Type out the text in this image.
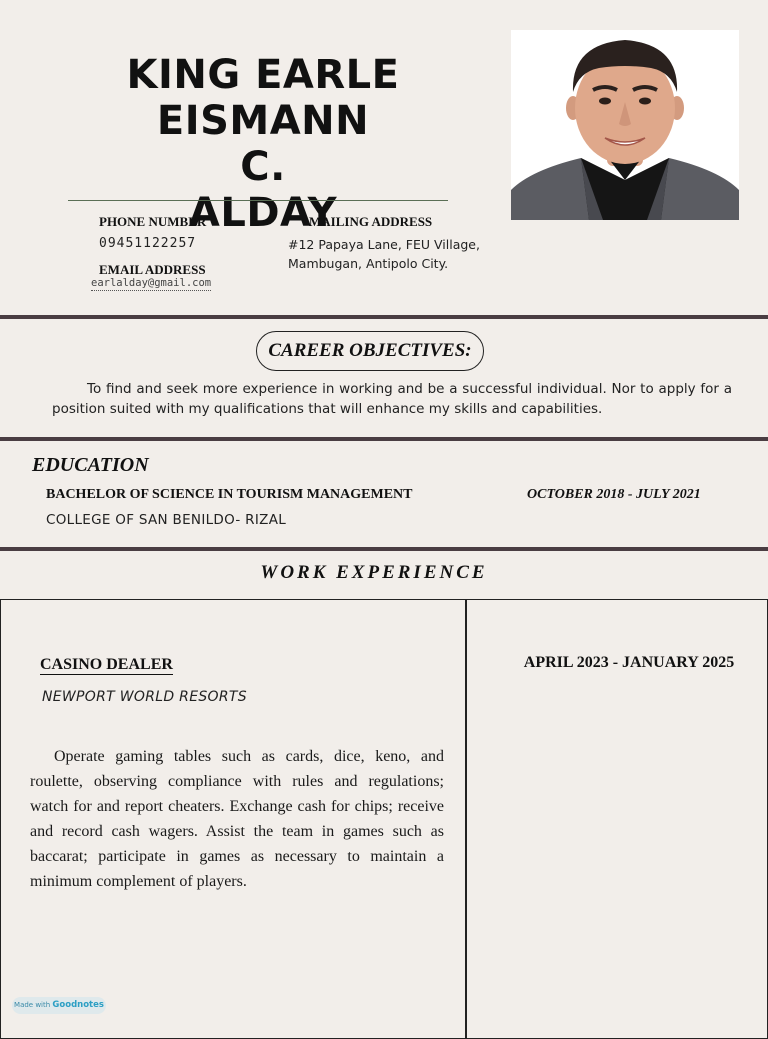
KING EARLE EISMANN
C.
ALDAY
PHONE NUMBER
09451122257
EMAIL ADDRESS
earlalday@gmail.com
MAILING ADDRESS
#12 Papaya Lane, FEU Village, Mambugan, Antipolo City.
CAREER OBJECTIVES:
To find and seek more experience in working and be a successful individual. Nor to apply for a position suited with my qualifications that will enhance my skills and capabilities.
EDUCATION
BACHELOR OF SCIENCE IN TOURISM MANAGEMENT	OCTOBER 2018 - JULY 2021
COLLEGE OF SAN BENILDO- RIZAL
WORK EXPERIENCE
CASINO DEALER
NEWPORT WORLD RESORTS
Operate gaming tables such as cards, dice, keno, and roulette, observing compliance with rules and regulations; watch for and report cheaters. Exchange cash for chips; receive and record cash wagers. Assist the team in games such as baccarat; participate in games as necessary to maintain a minimum complement of players.
APRIL 2023 - JANUARY 2025
Made with Goodnotes
